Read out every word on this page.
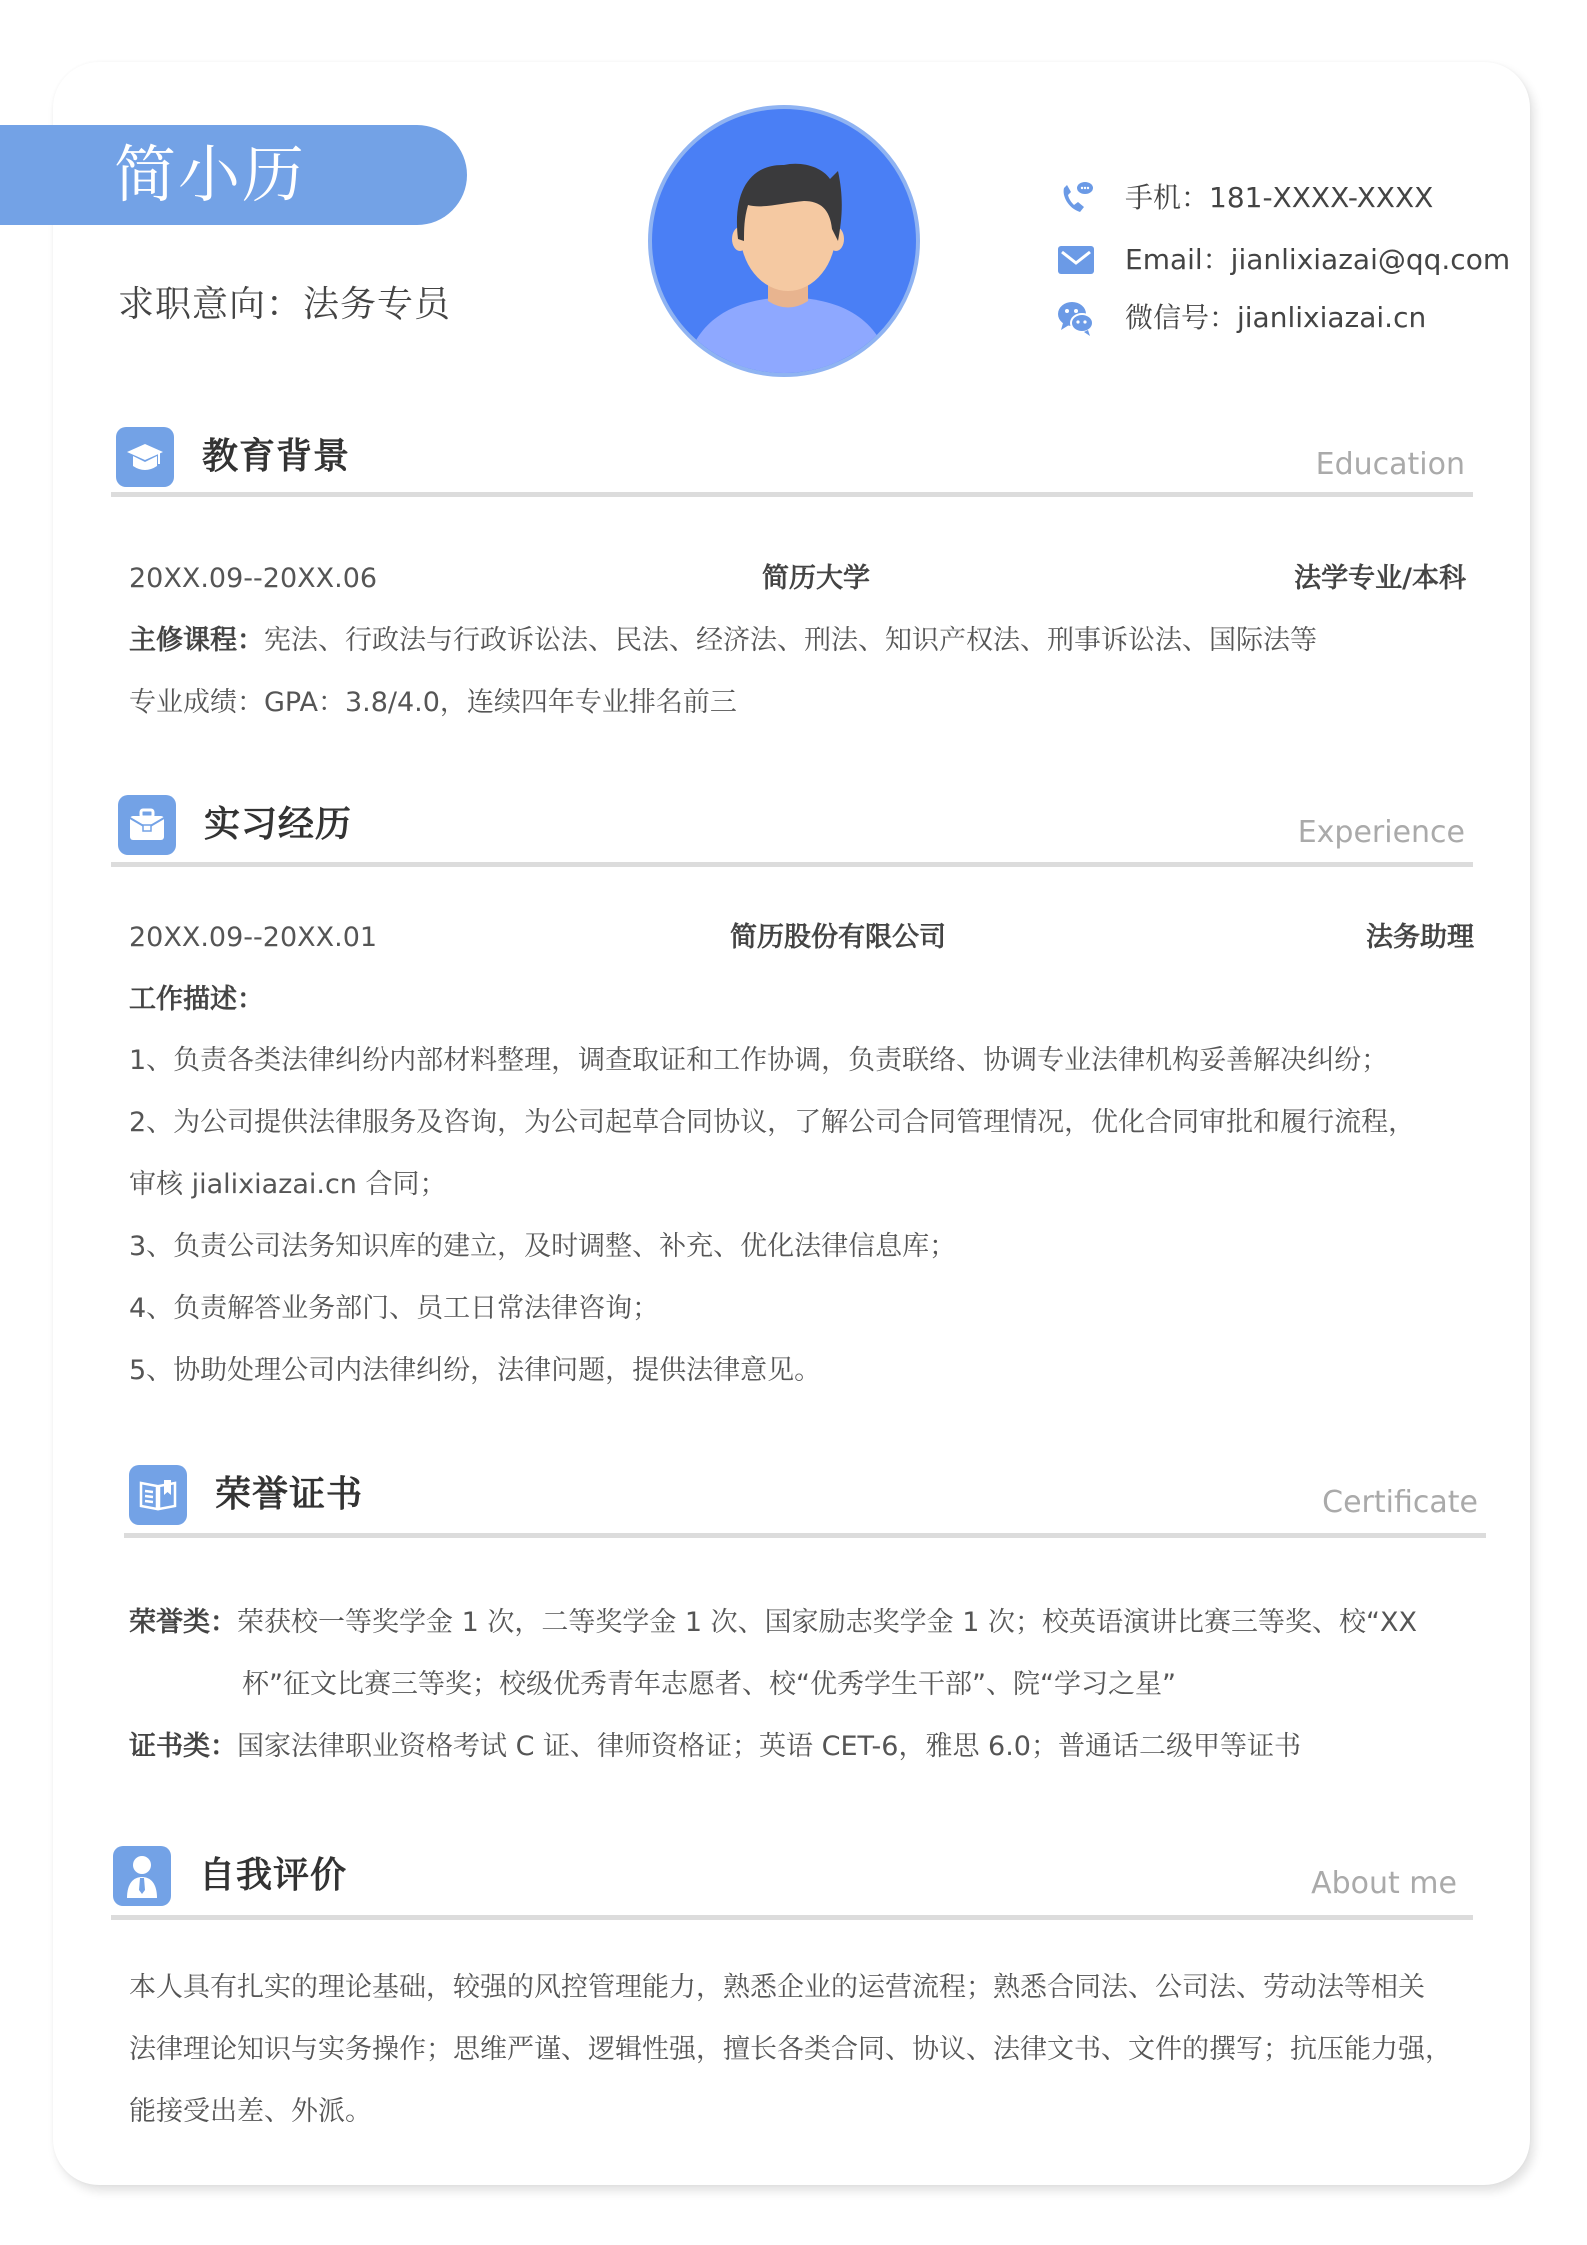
简小历
求职意向：法务专员
手机：181-XXXX-XXXX
Email：jianlixiazai@qq.com
微信号：jianlixiazai.cn
教育背景	Education
20XX.09--20XX.06	简历大学	法学专业/本科
主修课程：宪法、行政法与行政诉讼法、民法、经济法、刑法、知识产权法、刑事诉讼法、国际法等
专业成绩：GPA：3.8/4.0，连续四年专业排名前三
实习经历	Experience
20XX.09--20XX.01	简历股份有限公司	法务助理
工作描述：
1、负责各类法律纠纷内部材料整理，调查取证和工作协调，负责联络、协调专业法律机构妥善解决纠纷；
2、为公司提供法律服务及咨询，为公司起草合同协议，了解公司合同管理情况，优化合同审批和履行流程，
审核 jialixiazai.cn 合同；
3、负责公司法务知识库的建立，及时调整、补充、优化法律信息库；
4、负责解答业务部门、员工日常法律咨询；
5、协助处理公司内法律纠纷，法律问题，提供法律意见。
荣誉证书	Certificate
荣誉类：荣获校一等奖学金 1 次，二等奖学金 1 次、国家励志奖学金 1 次；校英语演讲比赛三等奖、校“XX
杯”征文比赛三等奖；校级优秀青年志愿者、校“优秀学生干部”、院“学习之星”
证书类：国家法律职业资格考试 C 证、律师资格证；英语 CET-6，雅思 6.0；普通话二级甲等证书
自我评价	About me
本人具有扎实的理论基础，较强的风控管理能力，熟悉企业的运营流程；熟悉合同法、公司法、劳动法等相关
法律理论知识与实务操作；思维严谨、逻辑性强，擅长各类合同、协议、法律文书、文件的撰写；抗压能力强，
能接受出差、外派。
